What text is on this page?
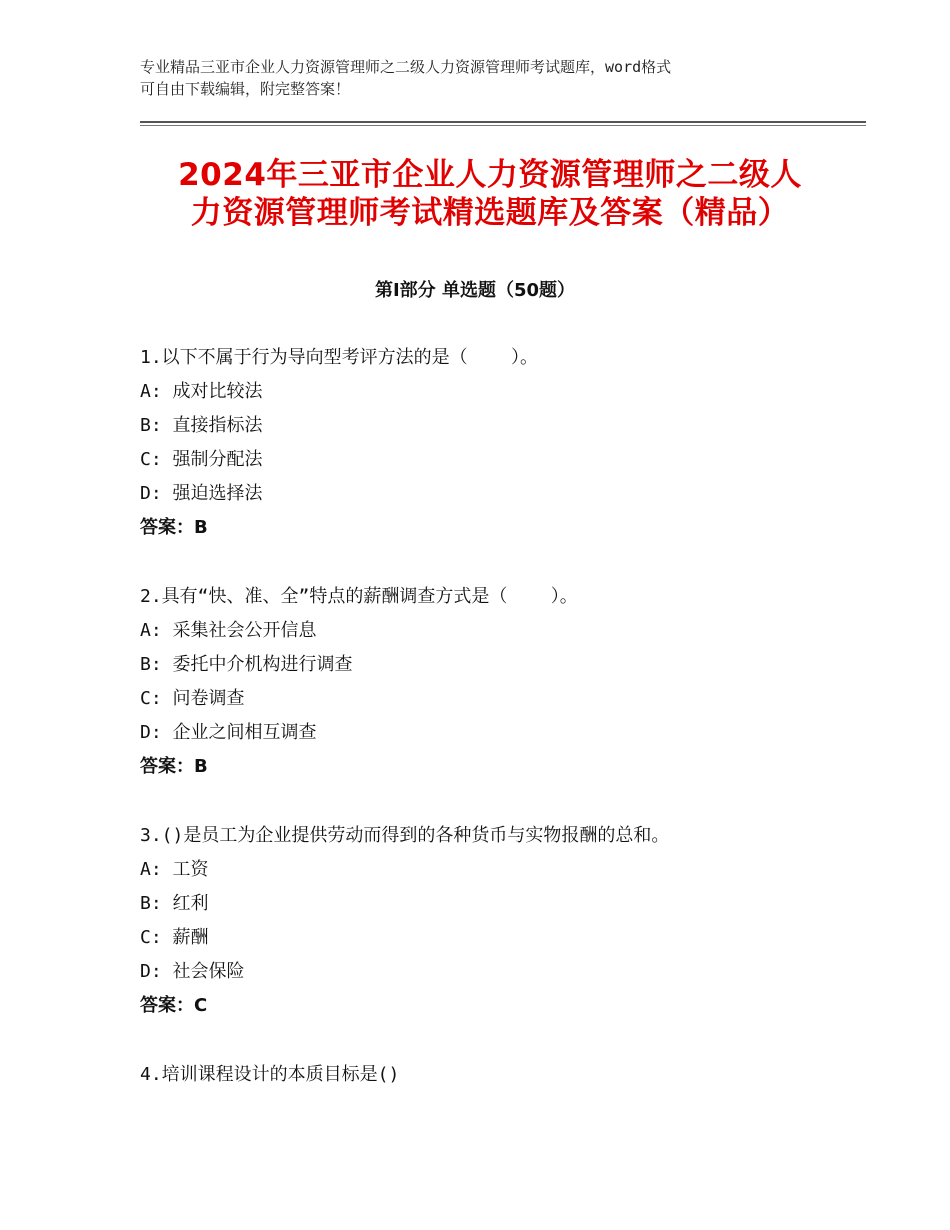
专业精品三亚市企业人力资源管理师之二级人力资源管理师考试题库，word格式
可自由下载编辑，附完整答案！
2024年三亚市企业人力资源管理师之二级人
力资源管理师考试精选题库及答案（精品）
第Ⅰ部分 单选题（50题）
1.以下不属于行为导向型考评方法的是（    ）。
A: 成对比较法
B: 直接指标法
C: 强制分配法
D: 强迫选择法
答案：B
2.具有“快、准、全”特点的薪酬调查方式是（    ）。
A: 采集社会公开信息
B: 委托中介机构进行调查
C: 问卷调查
D: 企业之间相互调查
答案：B
3.()是员工为企业提供劳动而得到的各种货币与实物报酬的总和。
A: 工资
B: 红利
C: 薪酬
D: 社会保险
答案：C
4.培训课程设计的本质目标是()
